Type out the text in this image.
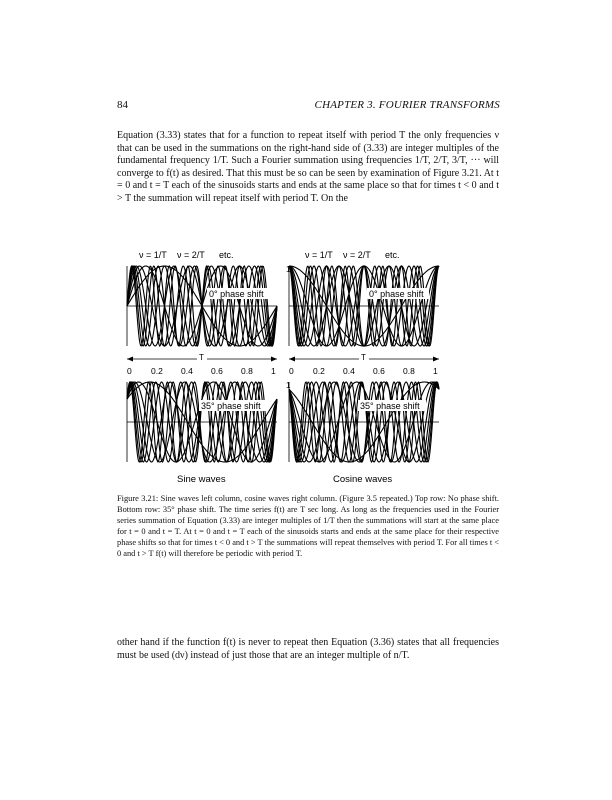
84	CHAPTER 3. FOURIER TRANSFORMS

Equation (3.33) states that for a function to repeat itself with period T the only frequencies ν that can be used in the summations on the right-hand side of (3.33) are integer multiples of the fundamental frequency 1/T. Such a Fourier summation using frequencies 1/T, 2/T, 3/T, ··· will converge to f(t) as desired. That this must be so can be seen by examination of Figure 3.21. At t = 0 and t = T each of the sinusoids starts and ends at the same place so that for times t < 0 and t > T the summation will repeat itself with period T. On the

ν = 1/T ν = 2/T etc.	ν = 1/T ν = 2/T etc.
1
1
0° phase shift	0° phase shift
35° phase shift	35° phase shift
T	T
0 0.2 0.4 0.6 0.8 1 0 0.2 0.4 0.6 0.8 1
Sine waves	Cosine waves

Figure 3.21: Sine waves left column, cosine waves right column. (Figure 3.5 repeated.) Top row: No phase shift. Bottom row: 35° phase shift. The time series f(t) are T sec long. As long as the frequencies used in the Fourier series summation of Equation (3.33) are integer multiples of 1/T then the summations will start at the same place for t = 0 and t = T. At t = 0 and t = T each of the sinusoids starts and ends at the same place for their respective phase shifts so that for times t < 0 and t > T the summations will repeat themselves with period T. For all times t < 0 and t > T f(t) will therefore be periodic with period T.

other hand if the function f(t) is never to repeat then Equation (3.36) states that all frequencies must be used (dν) instead of just those that are an integer multiple of n/T.
